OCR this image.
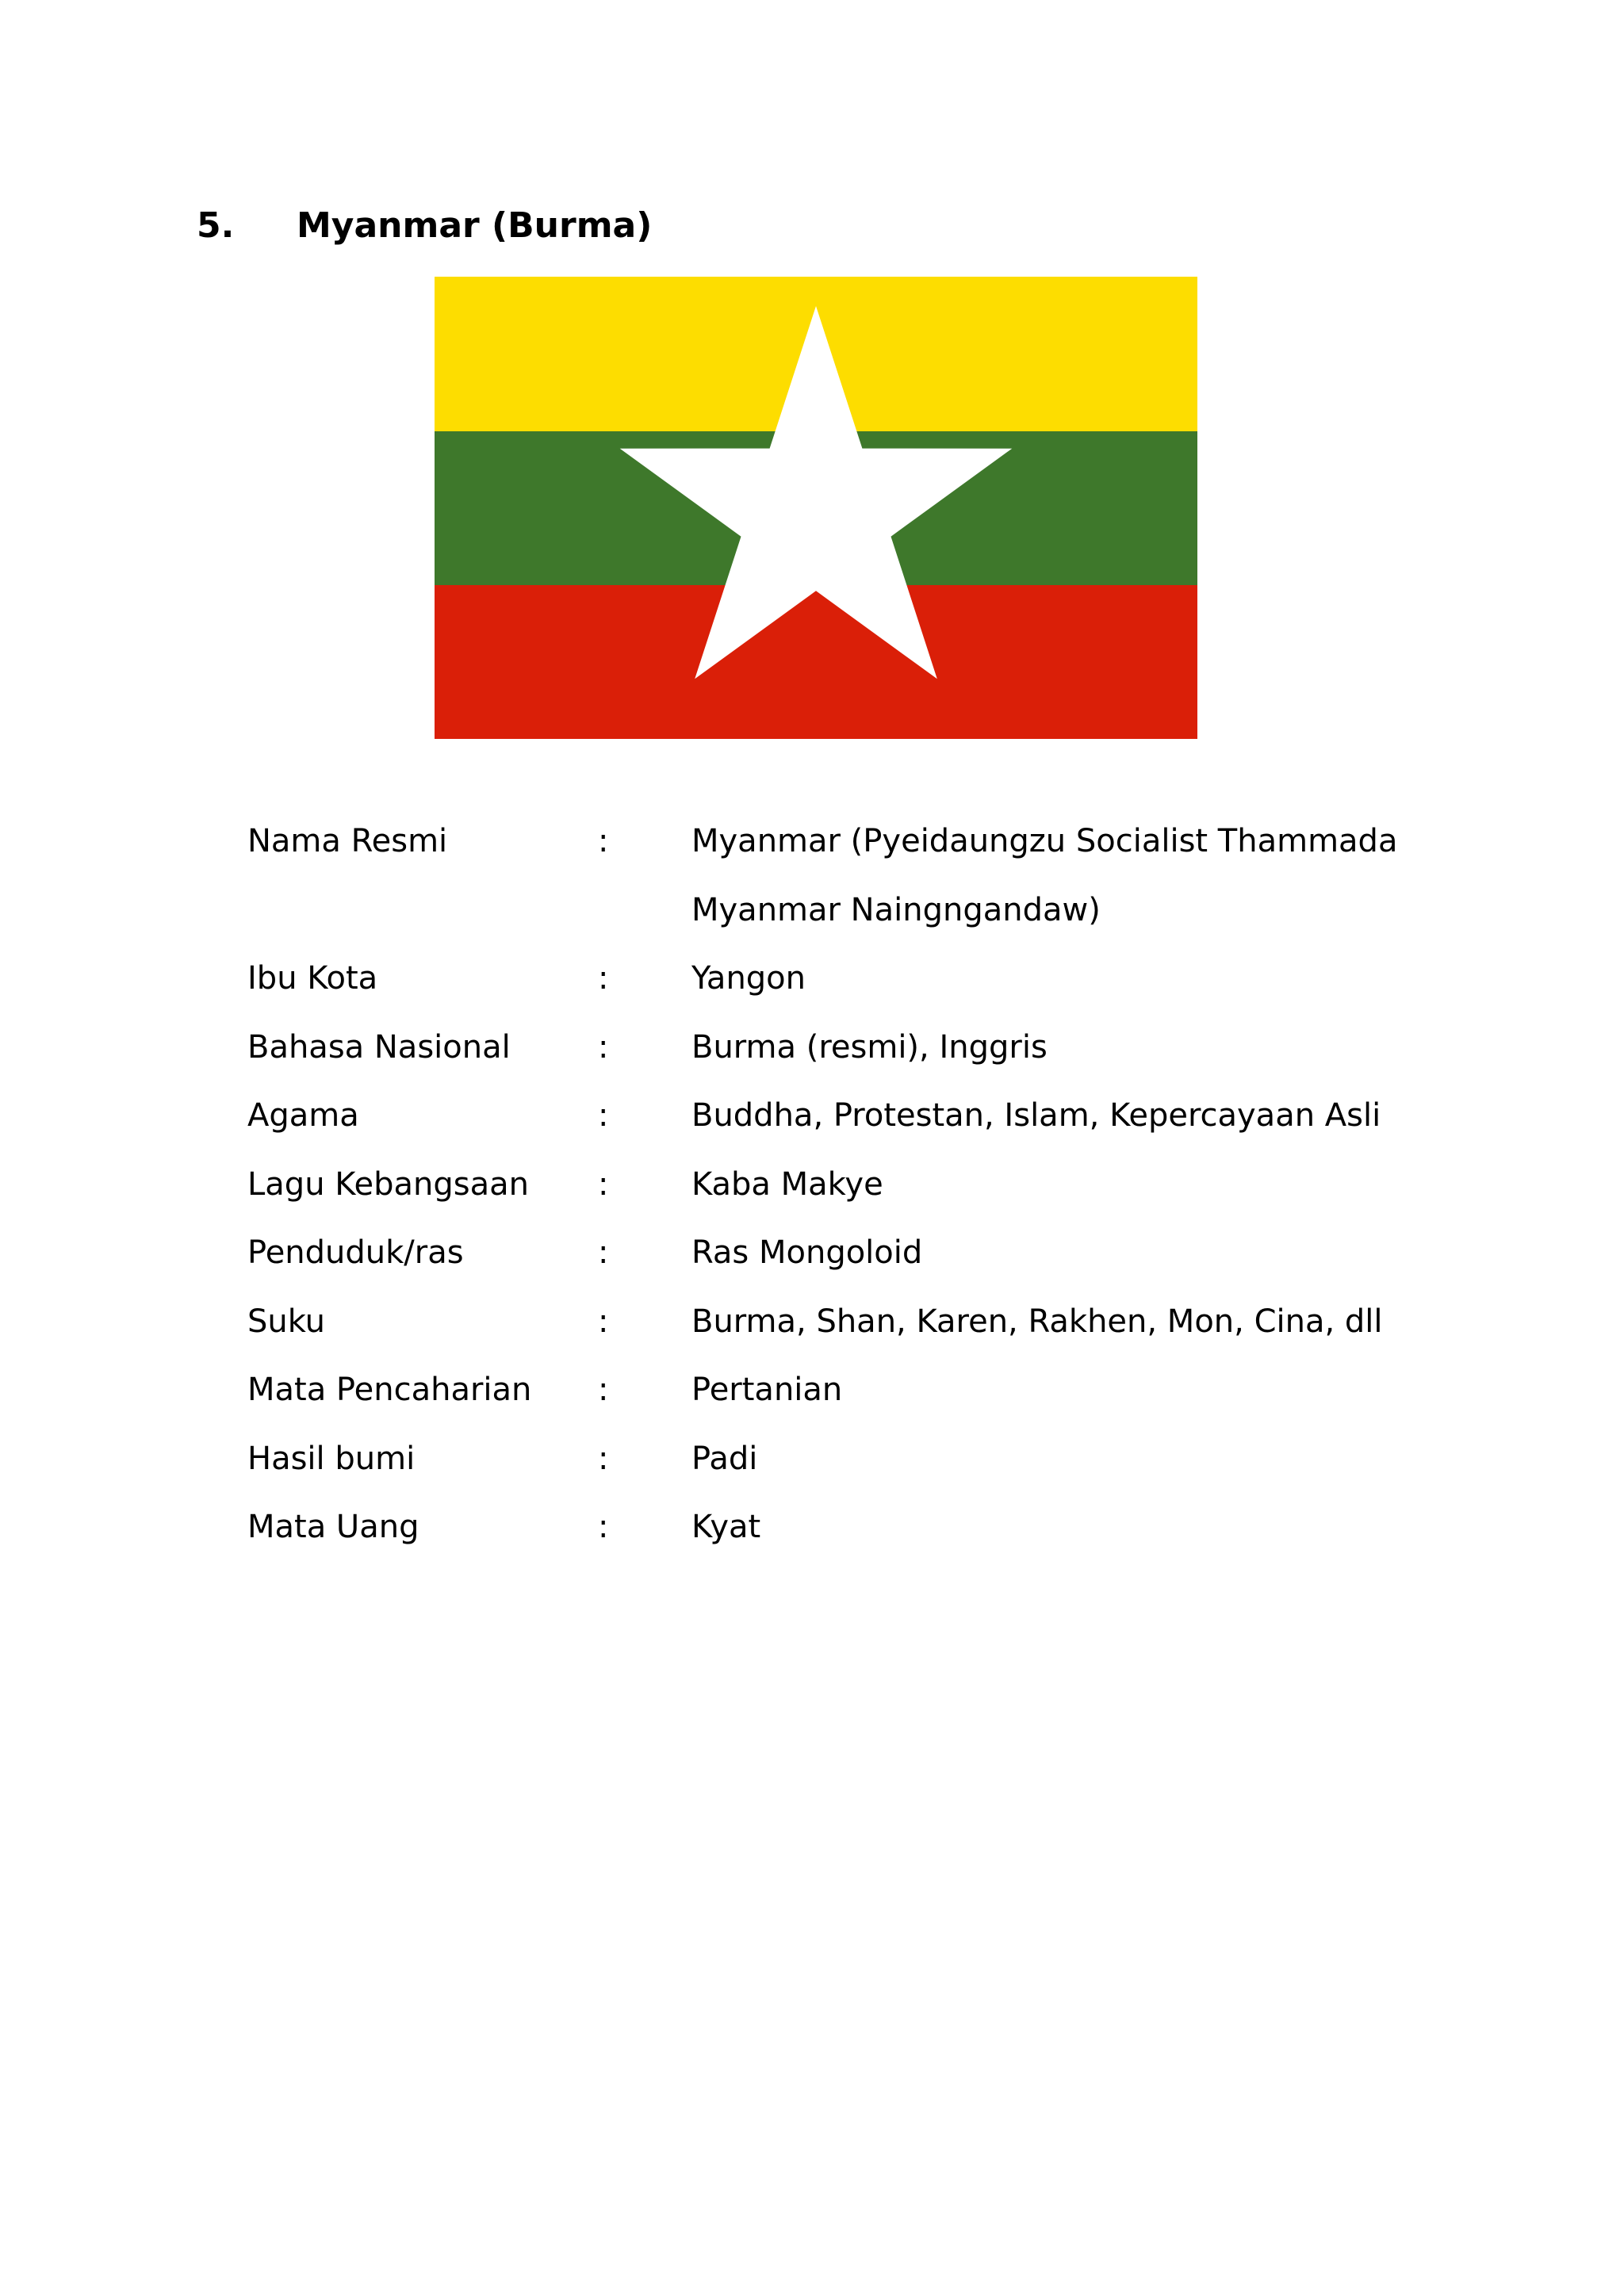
5. Myanmar (Burma)
Nama Resmi	:	Myanmar (Pyeidaungzu Socialist Thammada Myanmar Naingngandaw)
Ibu Kota	:	Yangon
Bahasa Nasional	:	Burma (resmi), Inggris
Agama	:	Buddha, Protestan, Islam, Kepercayaan Asli
Lagu Kebangsaan	:	Kaba Makye
Penduduk/ras	:	Ras Mongoloid
Suku	:	Burma, Shan, Karen, Rakhen, Mon, Cina, dll
Mata Pencaharian	:	Pertanian
Hasil bumi	:	Padi
Mata Uang	:	Kyat
